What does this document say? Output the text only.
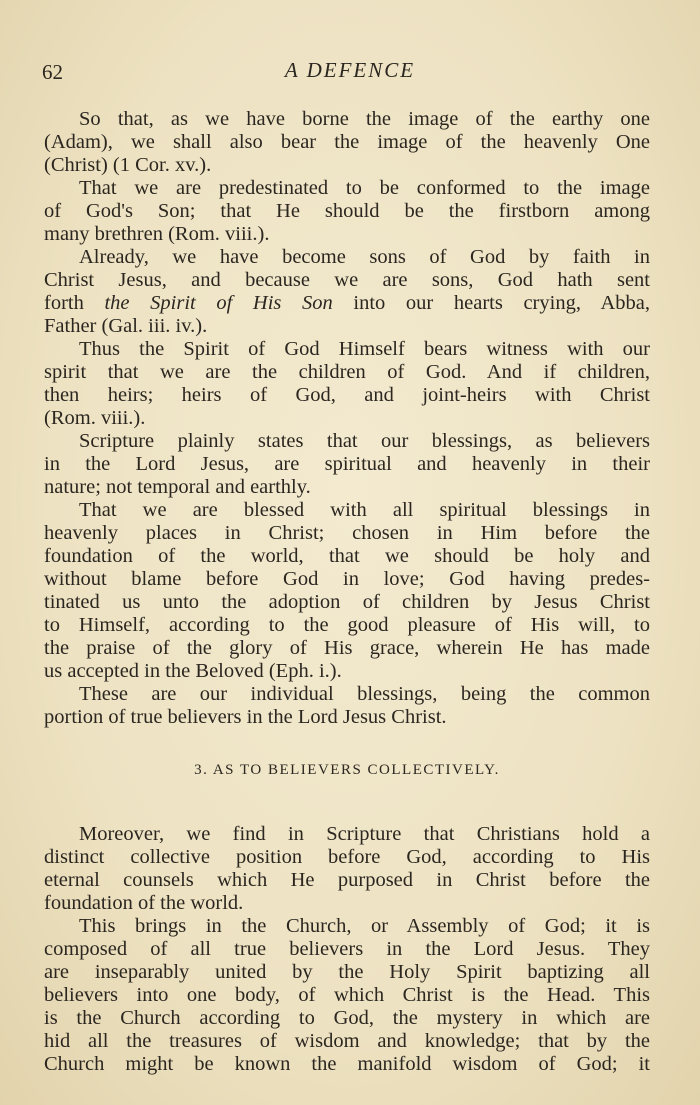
62	A DEFENCE
So that, as we have borne the image of the earthy one
(Adam), we shall also bear the image of the heavenly One
(Christ) (1 Cor. xv.).
That we are predestinated to be conformed to the image
of God's Son; that He should be the firstborn among
many brethren (Rom. viii.).
Already, we have become sons of God by faith in
Christ Jesus, and because we are sons, God hath sent
forth the Spirit of His Son into our hearts crying, Abba,
Father (Gal. iii. iv.).
Thus the Spirit of God Himself bears witness with our
spirit that we are the children of God. And if children,
then heirs; heirs of God, and joint-heirs with Christ
(Rom. viii.).
Scripture plainly states that our blessings, as believers
in the Lord Jesus, are spiritual and heavenly in their
nature; not temporal and earthly.
That we are blessed with all spiritual blessings in
heavenly places in Christ; chosen in Him before the
foundation of the world, that we should be holy and
without blame before God in love; God having predes-
tinated us unto the adoption of children by Jesus Christ
to Himself, according to the good pleasure of His will, to
the praise of the glory of His grace, wherein He has made
us accepted in the Beloved (Eph. i.).
These are our individual blessings, being the common
portion of true believers in the Lord Jesus Christ.
3. AS TO BELIEVERS COLLECTIVELY.
Moreover, we find in Scripture that Christians hold a
distinct collective position before God, according to His
eternal counsels which He purposed in Christ before the
foundation of the world.
This brings in the Church, or Assembly of God; it is
composed of all true believers in the Lord Jesus. They
are inseparably united by the Holy Spirit baptizing all
believers into one body, of which Christ is the Head. This
is the Church according to God, the mystery in which are
hid all the treasures of wisdom and knowledge; that by the
Church might be known the manifold wisdom of God; it
